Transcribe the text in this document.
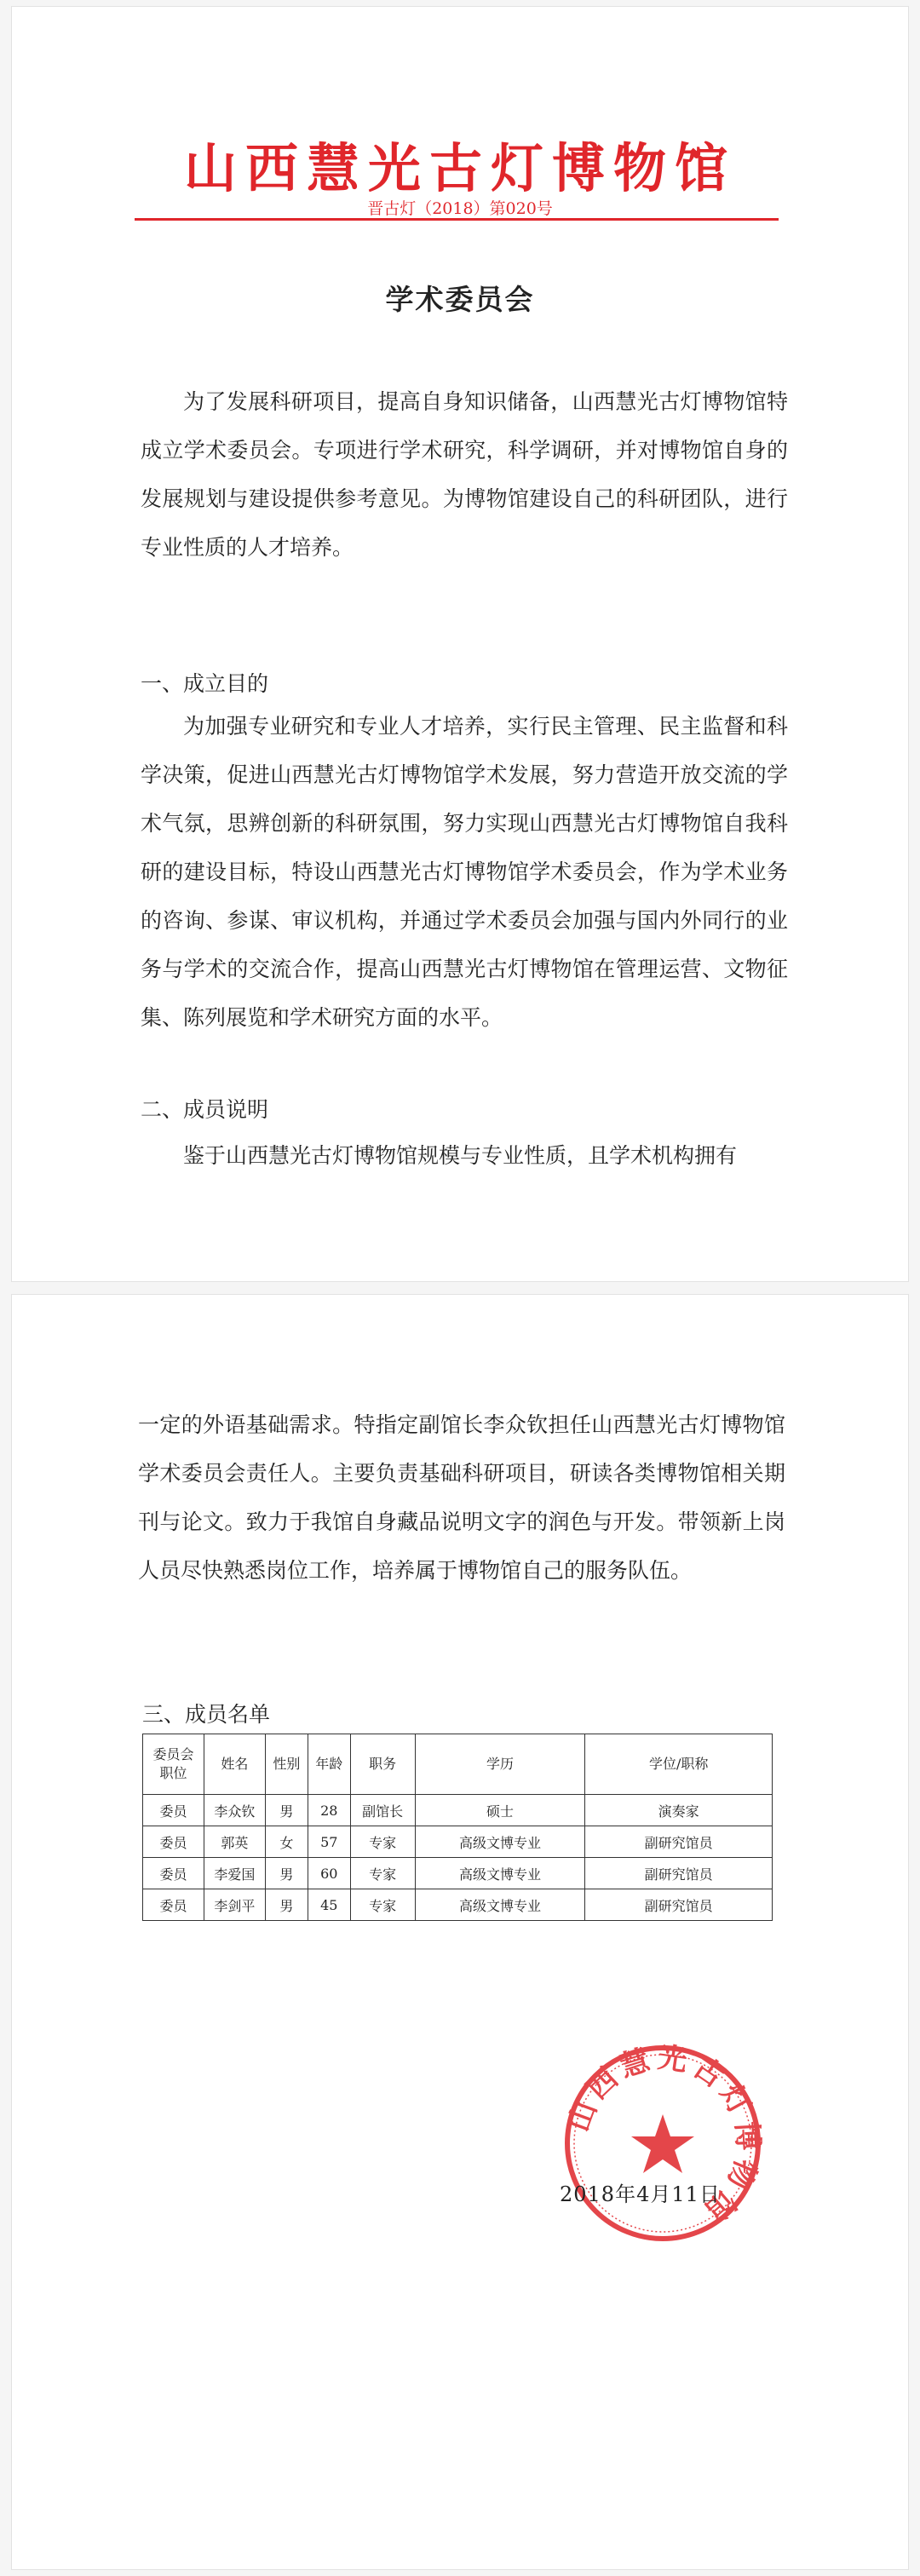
山西慧光古灯博物馆
晋古灯（2018）第020号
学术委员会

为了发展科研项目，提高自身知识储备，山西慧光古灯博物馆特成立学术委员会。专项进行学术研究，科学调研，并对博物馆自身的发展规划与建设提供参考意见。为博物馆建设自己的科研团队，进行专业性质的人才培养。

一、成立目的

为加强专业研究和专业人才培养，实行民主管理、民主监督和科学决策，促进山西慧光古灯博物馆学术发展，努力营造开放交流的学术气氛，思辨创新的科研氛围，努力实现山西慧光古灯博物馆自我科研的建设目标，特设山西慧光古灯博物馆学术委员会，作为学术业务的咨询、参谋、审议机构，并通过学术委员会加强与国内外同行的业务与学术的交流合作，提高山西慧光古灯博物馆在管理运营、文物征集、陈列展览和学术研究方面的水平。

二、成员说明

鉴于山西慧光古灯博物馆规模与专业性质，且学术机构拥有

一定的外语基础需求。特指定副馆长李众钦担任山西慧光古灯博物馆学术委员会责任人。主要负责基础科研项目，研读各类博物馆相关期刊与论文。致力于我馆自身藏品说明文字的润色与开发。带领新上岗人员尽快熟悉岗位工作，培养属于博物馆自己的服务队伍。

三、成员名单

委员会职位	姓名	性别	年龄	职务	学历	学位/职称
委员	李众钦	男	28	副馆长	硕士	演奏家
委员	郭英	女	57	专家	高级文博专业	副研究馆员
委员	李爱国	男	60	专家	高级文博专业	副研究馆员
委员	李剑平	男	45	专家	高级文博专业	副研究馆员
山西慧光古灯博物馆
2018年4月11日
